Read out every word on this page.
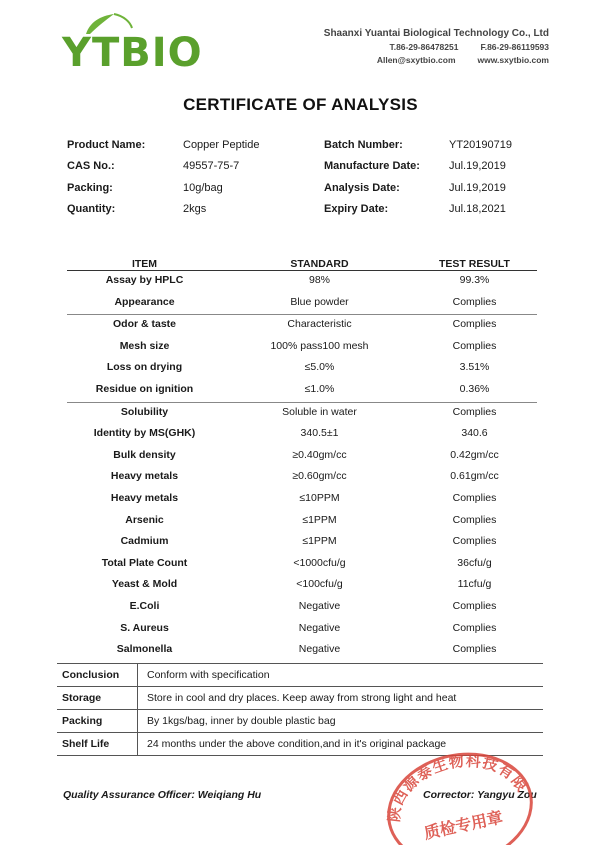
YTBIO	Shaanxi Yuantai Biological Technology Co., Ltd
T.86-29-86478251	F.86-29-86119593
Allen@sxytbio.com	www.sxytbio.com
CERTIFICATE OF ANALYSIS
Product Name:	Copper Peptide	Batch Number:	YT20190719
CAS No.:	49557-75-7	Manufacture Date:	Jul.19,2019
Packing:	10g/bag	Analysis Date:	Jul.19,2019
Quantity:	2kgs	Expiry Date:	Jul.18,2021
ITEM	STANDARD	TEST RESULT
Assay by HPLC	98%	99.3%
Appearance	Blue powder	Complies
Odor & taste	Characteristic	Complies
Mesh size	100% pass100 mesh	Complies
Loss on drying	≤5.0%	3.51%
Residue on ignition	≤1.0%	0.36%
Solubility	Soluble in water	Complies
Identity by MS(GHK)	340.5±1	340.6
Bulk density	≥0.40gm/cc	0.42gm/cc
Heavy metals	≥0.60gm/cc	0.61gm/cc
Heavy metals	≤10PPM	Complies
Arsenic	≤1PPM	Complies
Cadmium	≤1PPM	Complies
Total Plate Count	<1000cfu/g	36cfu/g
Yeast & Mold	<100cfu/g	11cfu/g
E.Coli	Negative	Complies
S. Aureus	Negative	Complies
Salmonella	Negative	Complies
Conclusion	Conform with specification
Storage	Store in cool and dry places. Keep away from strong light and heat
Packing	By 1kgs/bag, inner by double plastic bag
Shelf Life	24 months under the above condition,and in it's original package
Quality Assurance Officer: Weiqiang Hu	Corrector: Yangyu Zou
陕西源泰生物科技有限公司
质检专用章
